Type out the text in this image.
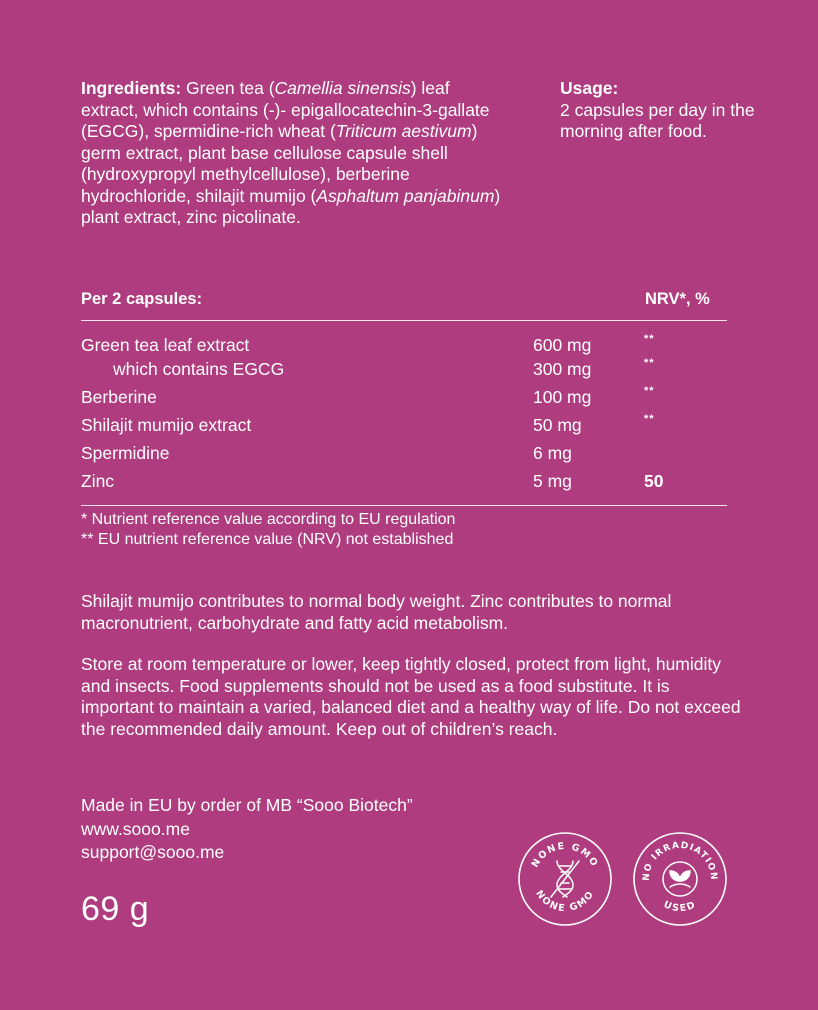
Ingredients: Green tea (Camellia sinensis) leaf extract, which contains (-)- epigallocatechin-3-gallate (EGCG), spermidine-rich wheat (Triticum aestivum) germ extract, plant base cellulose capsule shell (hydroxypropyl methylcellulose), berberine hydrochloride, shilajit mumijo (Asphaltum panjabinum) plant extract, zinc picolinate.
Usage:
2 capsules per day in the morning after food.
Per 2 capsules:	NRV*, %
Green tea leaf extract	600 mg	**
which contains EGCG	300 mg	**
Berberine	100 mg	**
Shilajit mumijo extract	50 mg	**
Spermidine	6 mg
Zinc	5 mg	50
* Nutrient reference value according to EU regulation
** EU nutrient reference value (NRV) not established
Shilajit mumijo contributes to normal body weight. Zinc contributes to normal macronutrient, carbohydrate and fatty acid metabolism.
Store at room temperature or lower, keep tightly closed, protect from light, humidity and insects. Food supplements should not be used as a food substitute. It is important to maintain a varied, balanced diet and a healthy way of life. Do not exceed the recommended daily amount. Keep out of children’s reach.
Made in EU by order of MB “Sooo Biotech”
www.sooo.me
support@sooo.me
69 g
NONE GMO
NONE GMO
NO IRRADIATION
USED
